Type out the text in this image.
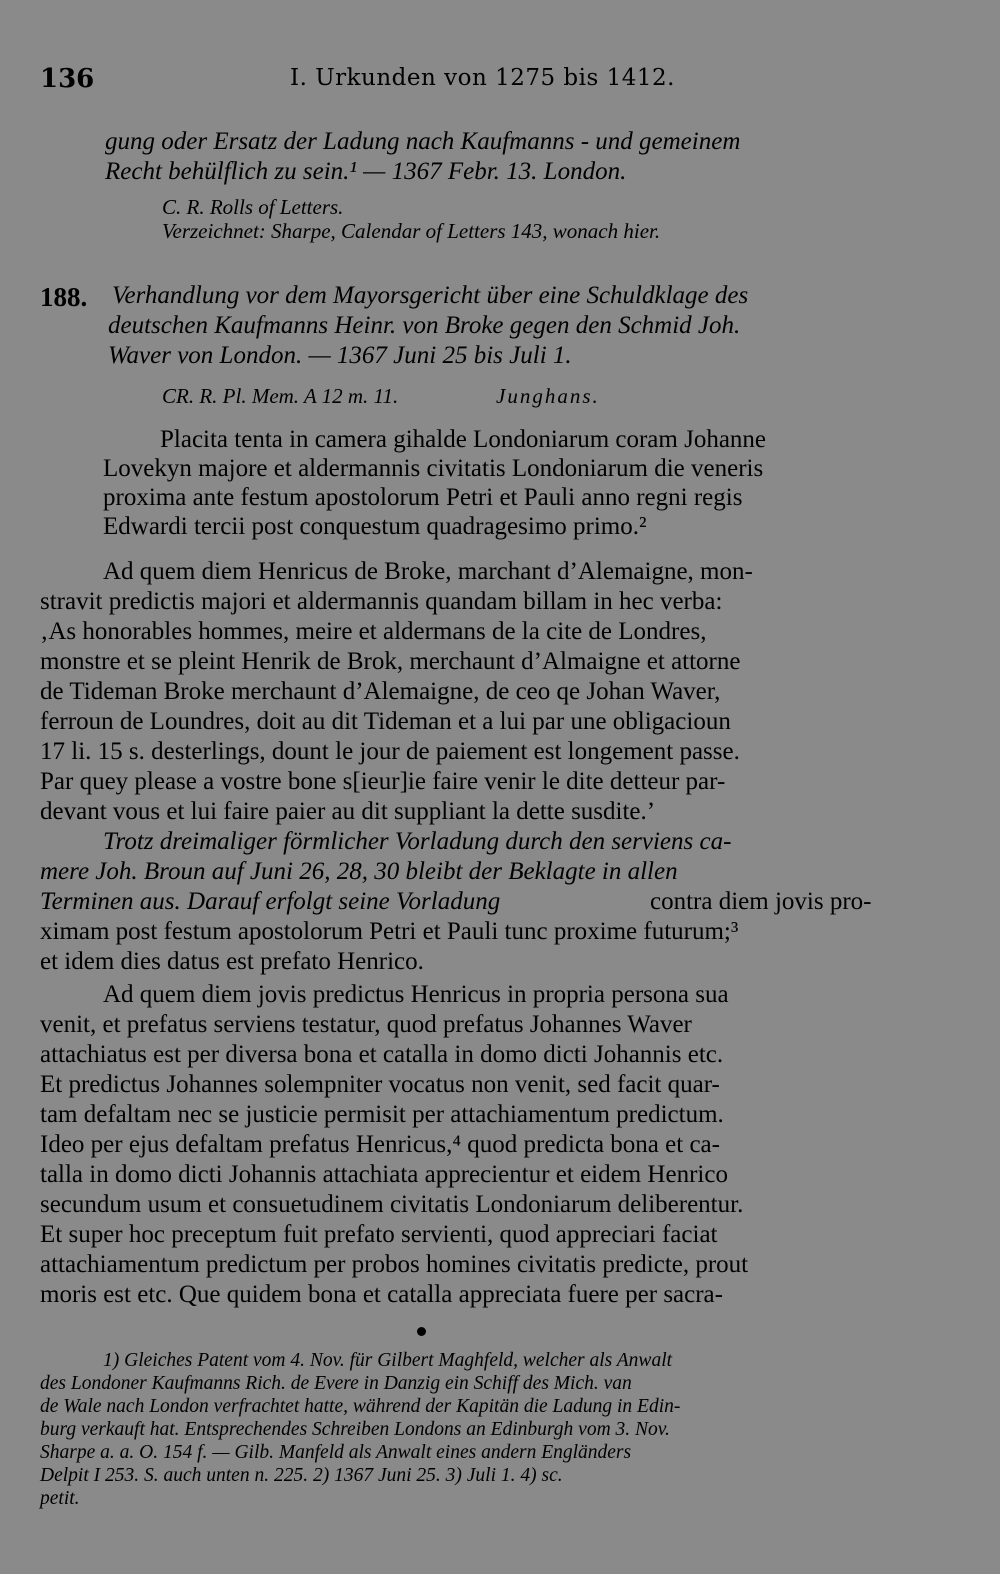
136	I. Urkunden von 1275 bis 1412.
gung oder Ersatz der Ladung nach Kaufmanns - und gemeinem
Recht behülflich zu sein.¹ — 1367 Febr. 13. London.
C. R. Rolls of Letters.
Verzeichnet: Sharpe, Calendar of Letters 143, wonach hier.
188. Verhandlung vor dem Mayorsgericht über eine Schuldklage des
deutschen Kaufmanns Heinr. von Broke gegen den Schmid Joh.
Waver von London. — 1367 Juni 25 bis Juli 1.
CR. R. Pl. Mem. A 12 m. 11.	Junghans.
Placita tenta in camera gihalde Londoniarum coram Johanne
Lovekyn majore et aldermannis civitatis Londoniarum die veneris
proxima ante festum apostolorum Petri et Pauli anno regni regis
Edwardi tercii post conquestum quadragesimo primo.²
Ad quem diem Henricus de Broke, marchant d’Alemaigne, mon-
stravit predictis majori et aldermannis quandam billam in hec verba:
‚As honorables hommes, meire et aldermans de la cite de Londres,
monstre et se pleint Henrik de Brok, merchaunt d’Almaigne et attorne
de Tideman Broke merchaunt d’Alemaigne, de ceo qe Johan Waver,
ferroun de Loundres, doit au dit Tideman et a lui par une obligacioun
17 li. 15 s. desterlings, dount le jour de paiement est longement passe.
Par quey please a vostre bone s[ieur]ie faire venir le dite detteur par-
devant vous et lui faire paier au dit suppliant la dette susdite.’
Trotz dreimaliger förmlicher Vorladung durch den serviens ca-
mere Joh. Broun auf Juni 26, 28, 30 bleibt der Beklagte in allen
Terminen aus. Darauf erfolgt seine Vorladung	contra diem jovis pro-
ximam post festum apostolorum Petri et Pauli tunc proxime futurum;³
et idem dies datus est prefato Henrico.
Ad quem diem jovis predictus Henricus in propria persona sua
venit, et prefatus serviens testatur, quod prefatus Johannes Waver
attachiatus est per diversa bona et catalla in domo dicti Johannis etc.
Et predictus Johannes solempniter vocatus non venit, sed facit quar-
tam defaltam nec se justicie permisit per attachiamentum predictum.
Ideo per ejus defaltam prefatus Henricus,⁴ quod predicta bona et ca-
talla in domo dicti Johannis attachiata apprecientur et eidem Henrico
secundum usum et consuetudinem civitatis Londoniarum deliberentur.
Et super hoc preceptum fuit prefato servienti, quod appreciari faciat
attachiamentum predictum per probos homines civitatis predicte, prout
moris est etc. Que quidem bona et catalla appreciata fuere per sacra-
1) Gleiches Patent vom 4. Nov. für Gilbert Maghfeld, welcher als Anwalt
des Londoner Kaufmanns Rich. de Evere in Danzig ein Schiff des Mich. van
de Wale nach London verfrachtet hatte, während der Kapitän die Ladung in Edin-
burg verkauft hat. Entsprechendes Schreiben Londons an Edinburgh vom 3. Nov.
Sharpe a. a. O. 154 f. — Gilb. Manfeld als Anwalt eines andern Engländers
Delpit I 253. S. auch unten n. 225. 2) 1367 Juni 25. 3) Juli 1. 4) sc.
petit.
